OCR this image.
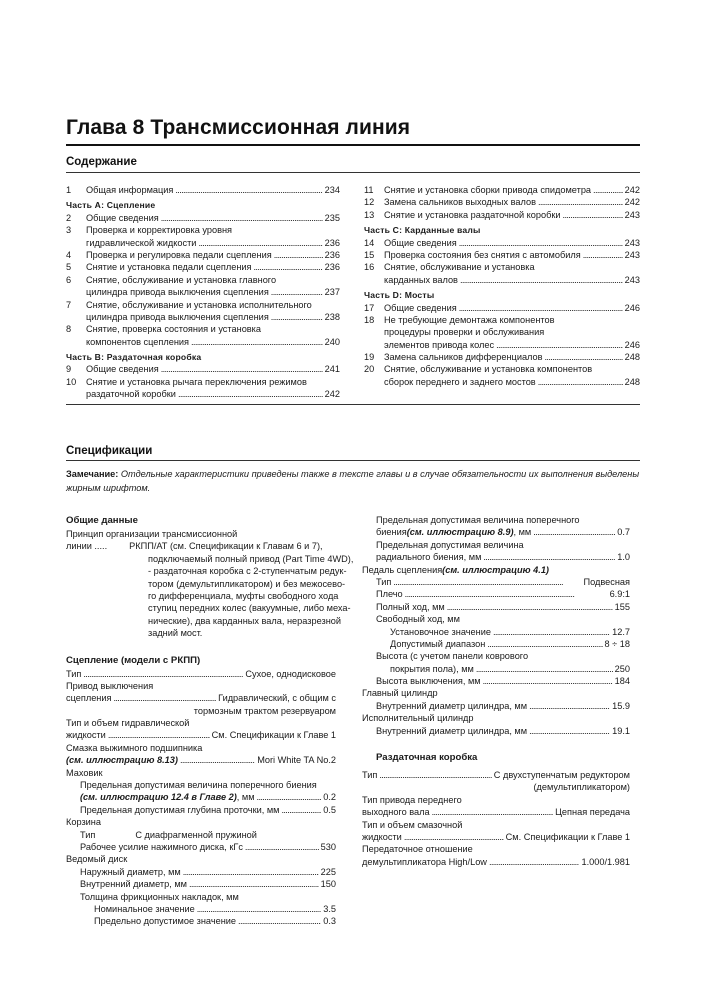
Глава 8 Трансмиссионная линия
Содержание
1 Общая информация . . .	234
Часть А: Сцепление
2 Общие сведения . . .	235
3 Проверка и корректировка уровня
гидравлической жидкости . . .	236
4 Проверка и регулировка педали сцепления . . .	236
5 Снятие и установка педали сцепления . . .	236
6 Снятие, обслуживание и установка главного
цилиндра привода выключения сцепления . . .	237
7 Снятие, обслуживание и установка исполнительного
цилиндра привода выключения сцепления . . .	238
8 Снятие, проверка состояния и установка
компонентов сцепления . . .	240
Часть В: Раздаточная коробка
9 Общие сведения . . .	241
10 Снятие и установка рычага переключения режимов
раздаточной коробки . . .	242
11 Снятие и установка сборки привода спидометра . . .	242
12 Замена сальников выходных валов . . .	242
13 Снятие и установка раздаточной коробки . . .	243
Часть С: Карданные валы
14 Общие сведения . . .	243
15 Проверка состояния без снятия с автомобиля . . .	243
16 Снятие, обслуживание и установка
карданных валов . . .	243
Часть D: Мосты
17 Общие сведения . . .	246
18 Не требующие демонтажа компонентов
процедуры проверки и обслуживания
элементов привода колес . . .	246
19 Замена сальников дифференциалов . . .	248
20 Снятие, обслуживание и установка компонентов
сборок переднего и заднего мостов . . .	248
Спецификации
Замечание: Отдельные характеристики приведены также в тексте главы и в случае обязательности их выполнения выделены жирным шрифтом.
Общие данные
Принцип организации трансмиссионной
линии ..... РКПП/АТ (см. Спецификации к Главам 6 и 7),
подключаемый полный привод (Part Time 4WD),
- раздаточная коробка с 2-ступенчатым редук-
тором (демультипликатором) и без межосево-
го дифференциала, муфты свободного хода
ступиц передних колес (вакуумные, либо меха-
нические), два карданных вала, неразрезной
задний мост.
Сцепление (модели с РКПП)
Тип . . .	Сухое, однодисковое
Привод выключения
сцепления . . .	Гидравлический, с общим с
тормозным трактом резервуаром
Тип и объем гидравлической
жидкости . . .	См. Спецификации к Главе 1
Смазка выжимного подшипника
(см. иллюстрацию 8.13) . . .	Mori White TA No.2
Маховик
Предельная допустимая величина поперечного биения
(см. иллюстрацию 12.4 в Главе 2) , мм . . .	0.2
Предельная допустимая глубина проточки, мм . . .	0.5
Корзина
Тип	С диафрагменной пружиной
Рабочее усилие нажимного диска, кГс . . .	530
Ведомый диск
Наружный диаметр, мм . . .	225
Внутренний диаметр, мм . . .	150
Толщина фрикционных накладок, мм
Номинальное значение . . .	3.5
Предельно допустимое значение . . .	0.3
Предельная допустимая величина поперечного
биения (см. иллюстрацию 8.9) , мм . . .	0.7
Предельная допустимая величина
радиального биения, мм . . .	1.0
Педаль сцепления (см. иллюстрацию 4.1)
Тип . . .	Подвесная
Плечо . . .	6.9:1
Полный ход, мм . . .	155
Свободный ход, мм
Установочное значение . . .	12.7
Допустимый диапазон . . .	8 ÷ 18
Высота (с учетом панели коврового
покрытия пола), мм . . .	250
Высота выключения, мм . . .	184
Главный цилиндр
Внутренний диаметр цилиндра, мм . . .	15.9
Исполнительный цилиндр
Внутренний диаметр цилиндра, мм . . .	19.1
Раздаточная коробка
Тип . . .	С двухступенчатым редуктором
(демультипликатором)
Тип привода переднего
выходного вала . . .	Цепная передача
Тип и объем смазочной
жидкости . . .	См. Спецификации к Главе 1
Передаточное отношение
демультипликатора High/Low . . .	1.000/1.981
